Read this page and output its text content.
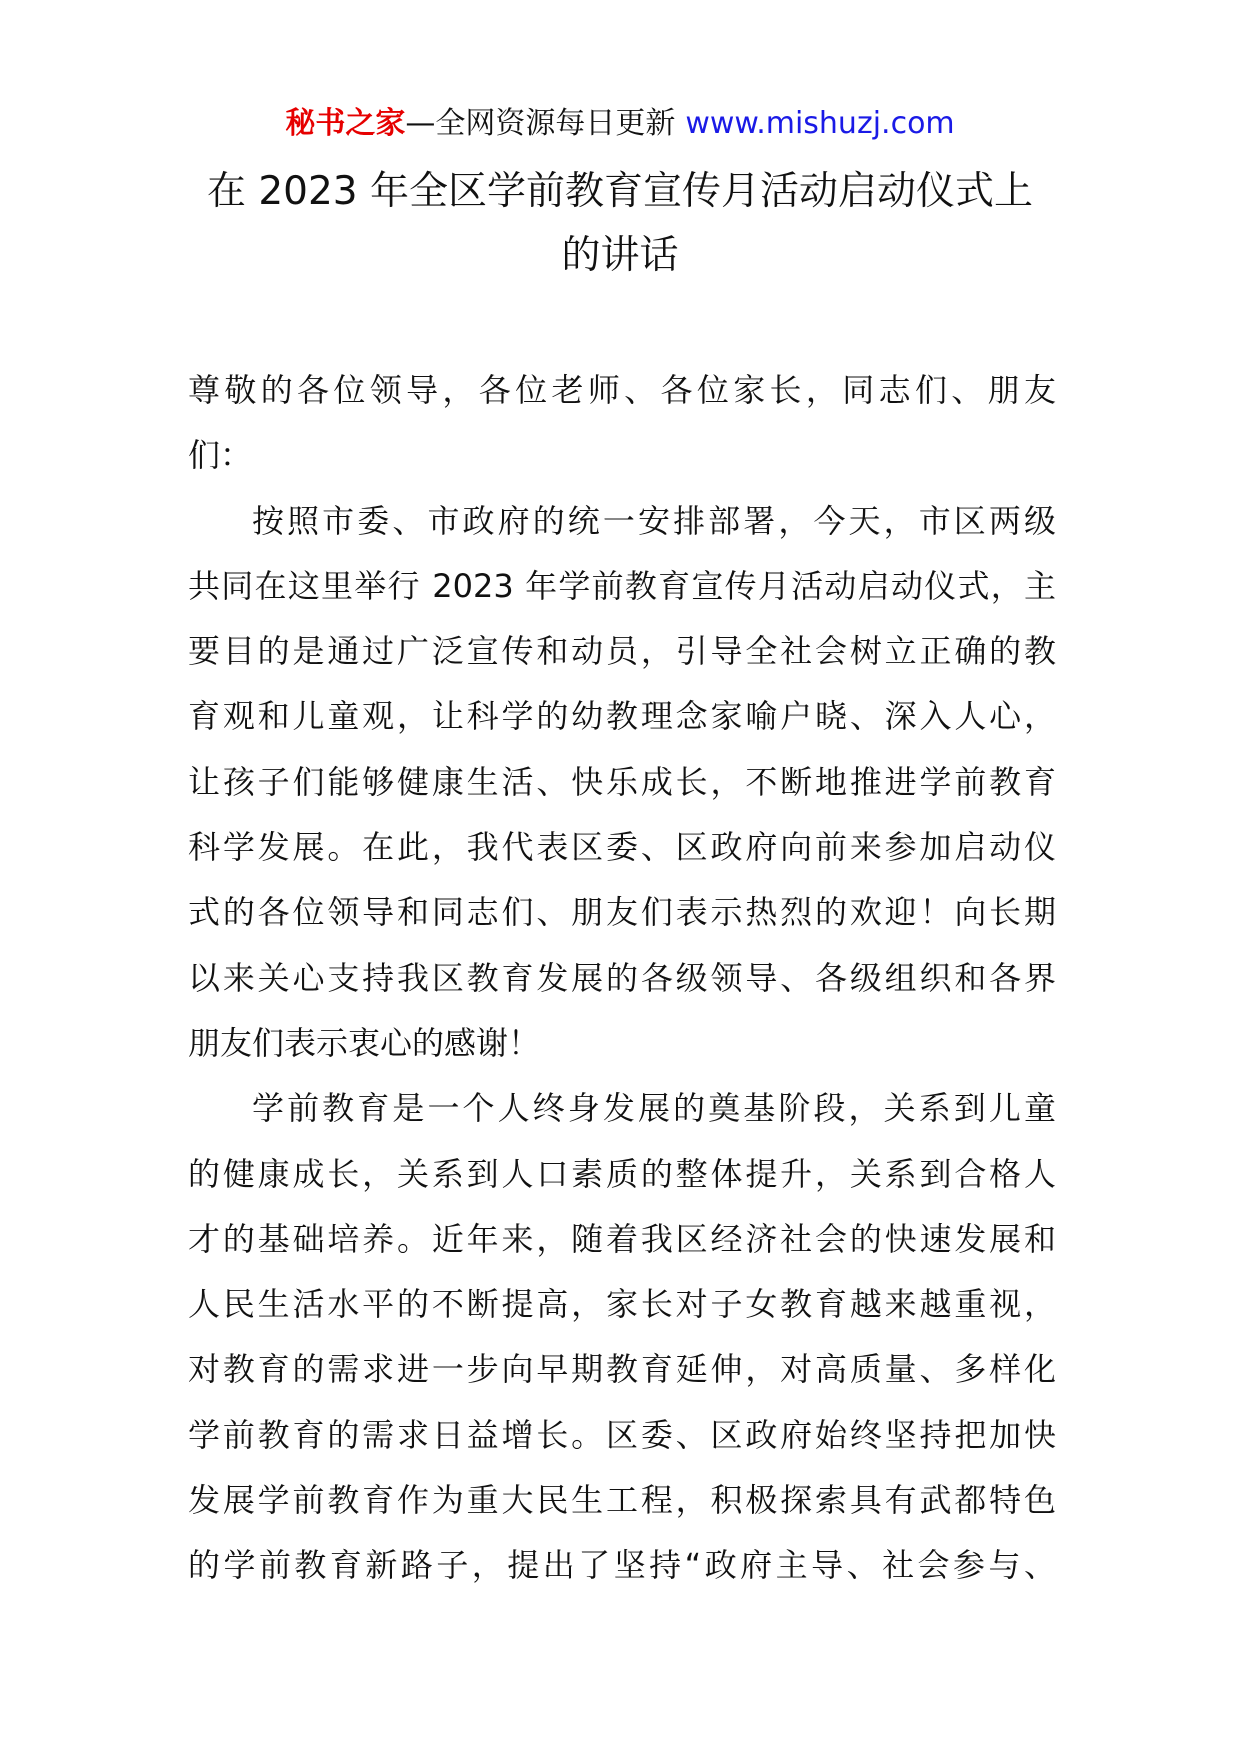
秘书之家—全网资源每日更新 www.mishuzj.com
在 2023 年全区学前教育宣传月活动启动仪式上
的讲话
尊敬的各位领导，各位老师、各位家长，同志们、朋友
们：
按照市委、市政府的统一安排部署，今天，市区两级
共同在这里举行 2023 年学前教育宣传月活动启动仪式，主
要目的是通过广泛宣传和动员，引导全社会树立正确的教
育观和儿童观，让科学的幼教理念家喻户晓、深入人心，
让孩子们能够健康生活、快乐成长，不断地推进学前教育
科学发展。在此，我代表区委、区政府向前来参加启动仪
式的各位领导和同志们、朋友们表示热烈的欢迎！向长期
以来关心支持我区教育发展的各级领导、各级组织和各界
朋友们表示衷心的感谢！
学前教育是一个人终身发展的奠基阶段，关系到儿童
的健康成长，关系到人口素质的整体提升，关系到合格人
才的基础培养。近年来，随着我区经济社会的快速发展和
人民生活水平的不断提高，家长对子女教育越来越重视，
对教育的需求进一步向早期教育延伸，对高质量、多样化
学前教育的需求日益增长。区委、区政府始终坚持把加快
发展学前教育作为重大民生工程，积极探索具有武都特色
的学前教育新路子，提出了坚持“政府主导、社会参与、
